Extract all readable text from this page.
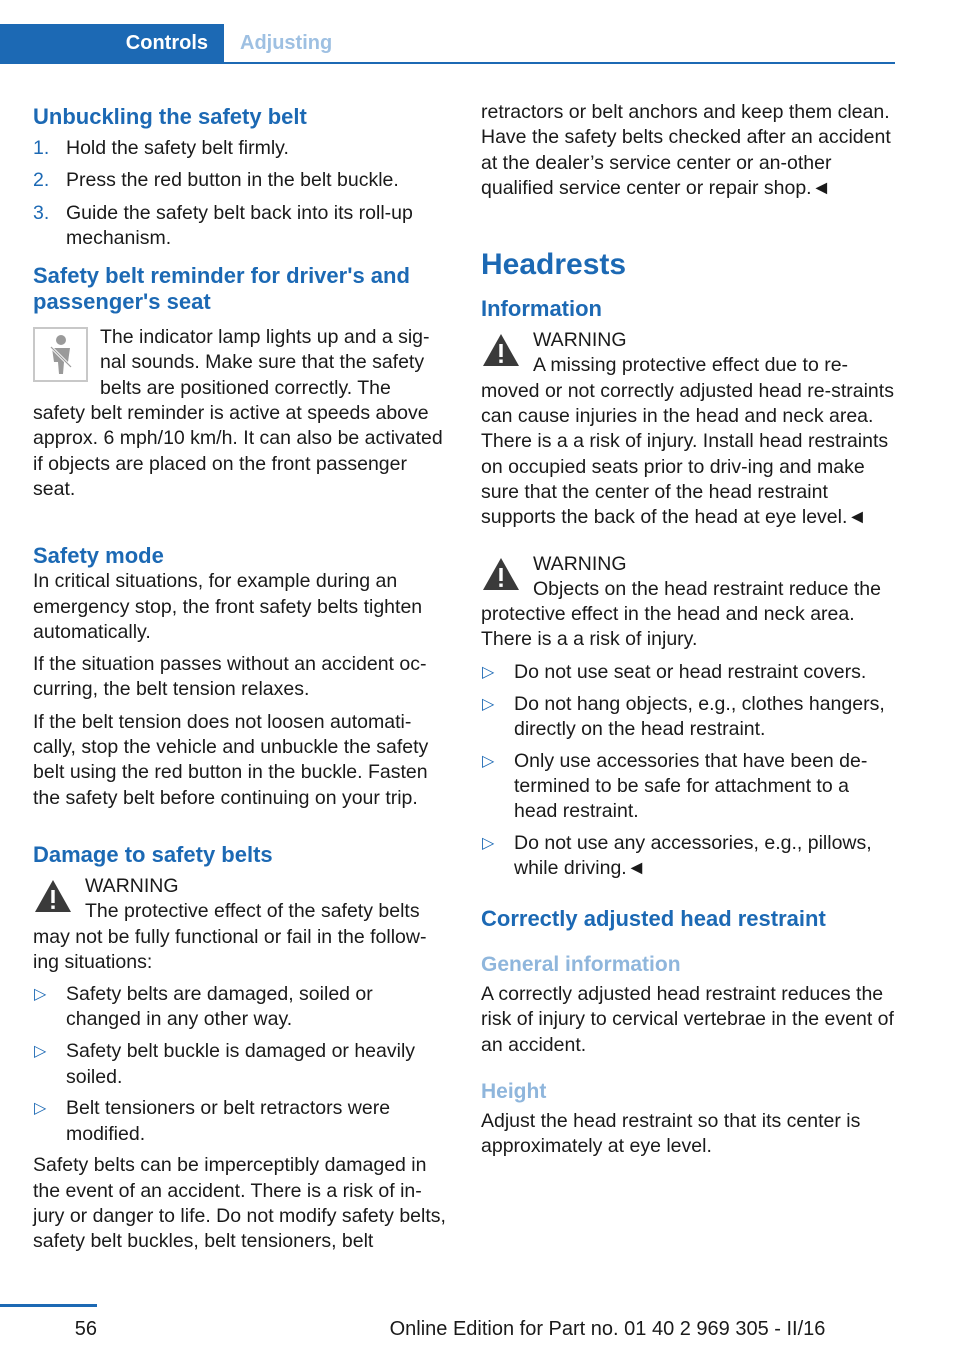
Controls	Adjusting
Unbuckling the safety belt
1. Hold the safety belt firmly.
2. Press the red button in the belt buckle.
3. Guide the safety belt back into its roll-up mechanism.
Safety belt reminder for driver's and passenger's seat

The indicator lamp lights up and a sig‐nal sounds. Make sure that the safety belts are positioned correctly. The safety belt reminder is active at speeds above approx. 6 mph/10 km/h. It can also be activated if objects are placed on the front passenger seat.

Safety mode

In critical situations, for example during an emergency stop, the front safety belts tighten automatically.

If the situation passes without an accident oc‐curring, the belt tension relaxes.

If the belt tension does not loosen automati‐cally, stop the vehicle and unbuckle the safety belt using the red button in the buckle. Fasten the safety belt before continuing on your trip.

Damage to safety belts
WARNING

The protective effect of the safety belts may not be fully functional or fail in the follow‐ing situations:

▷ Safety belts are damaged, soiled or changed in any other way.
▷ Safety belt buckle is damaged or heavily soiled.
▷ Belt tensioners or belt retractors were modified.

Safety belts can be imperceptibly damaged in the event of an accident. There is a risk of in‐jury or danger to life. Do not modify safety belts, safety belt buckles, belt tensioners, belt

retractors or belt anchors and keep them clean. Have the safety belts checked after an accident at the dealer’s service center or an‐other qualified service center or repair shop.◄

Headrests
Information
WARNING

A missing protective effect due to re‐moved or not correctly adjusted head re‐straints can cause injuries in the head and neck area. There is a a risk of injury. Install head restraints on occupied seats prior to driv‐ing and make sure that the center of the head restraint supports the back of the head at eye level.◄

WARNING

Objects on the head restraint reduce the protective effect in the head and neck area. There is a a risk of injury.

▷ Do not use seat or head restraint covers.
▷ Do not hang objects, e.g., clothes hangers, directly on the head restraint.
▷ Only use accessories that have been de‐termined to be safe for attachment to a head restraint.
▷ Do not use any accessories, e.g., pillows, while driving.◄
Correctly adjusted head restraint
General information

A correctly adjusted head restraint reduces the risk of injury to cervical vertebrae in the event of an accident.

Height

Adjust the head restraint so that its center is approximately at eye level.

56	Online Edition for Part no. 01 40 2 969 305 - II/16
